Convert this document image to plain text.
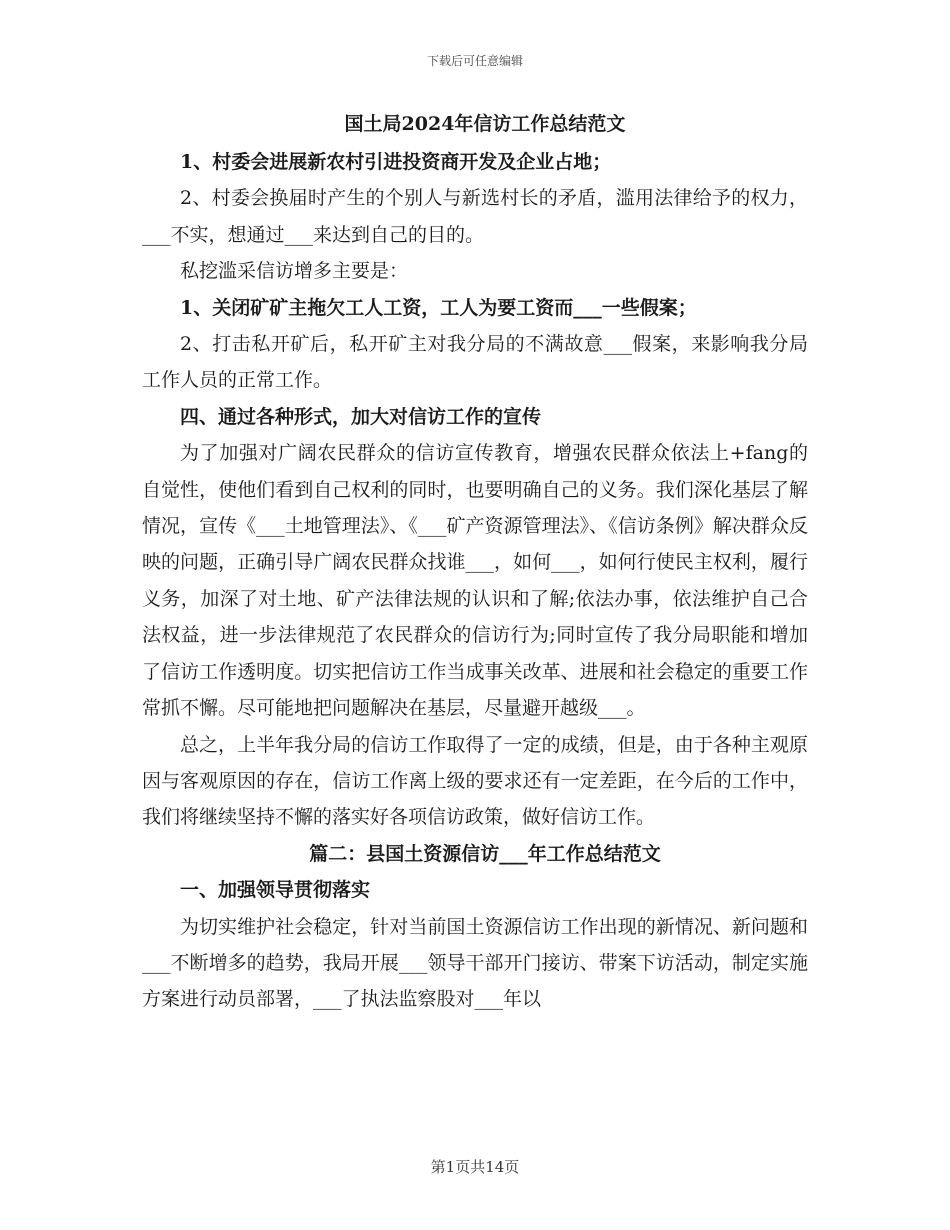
下载后可任意编辑
国土局2024年信访工作总结范文

1、村委会进展新农村引进投资商开发及企业占地；

2、村委会换届时产生的个别人与新选村长的矛盾，滥用法律给予的权力，___不实，想通过___来达到自己的目的。

私挖滥采信访增多主要是：

1、关闭矿矿主拖欠工人工资，工人为要工资而___一些假案；

2、打击私开矿后，私开矿主对我分局的不满故意___假案，来影响我分局工作人员的正常工作。

四、通过各种形式，加大对信访工作的宣传

为了加强对广阔农民群众的信访宣传教育，增强农民群众依法上+fang的自觉性，使他们看到自己权利的同时，也要明确自己的义务。我们深化基层了解情况，宣传《___土地管理法》、《___矿产资源管理法》、《信访条例》解决群众反映的问题，正确引导广阔农民群众找谁___，如何___，如何行使民主权利，履行义务，加深了对土地、矿产法律法规的认识和了解;依法办事，依法维护自己合法权益，进一步法律规范了农民群众的信访行为;同时宣传了我分局职能和增加了信访工作透明度。切实把信访工作当成事关改革、进展和社会稳定的重要工作常抓不懈。尽可能地把问题解决在基层，尽量避开越级___。

总之，上半年我分局的信访工作取得了一定的成绩，但是，由于各种主观原因与客观原因的存在，信访工作离上级的要求还有一定差距，在今后的工作中，我们将继续坚持不懈的落实好各项信访政策，做好信访工作。

篇二：县国土资源信访___年工作总结范文

一、加强领导贯彻落实

为切实维护社会稳定，针对当前国土资源信访工作出现的新情况、新问题和___不断增多的趋势，我局开展___领导干部开门接访、带案下访活动，制定实施方案进行动员部署，___了执法监察股对___年以

第1页共14页
